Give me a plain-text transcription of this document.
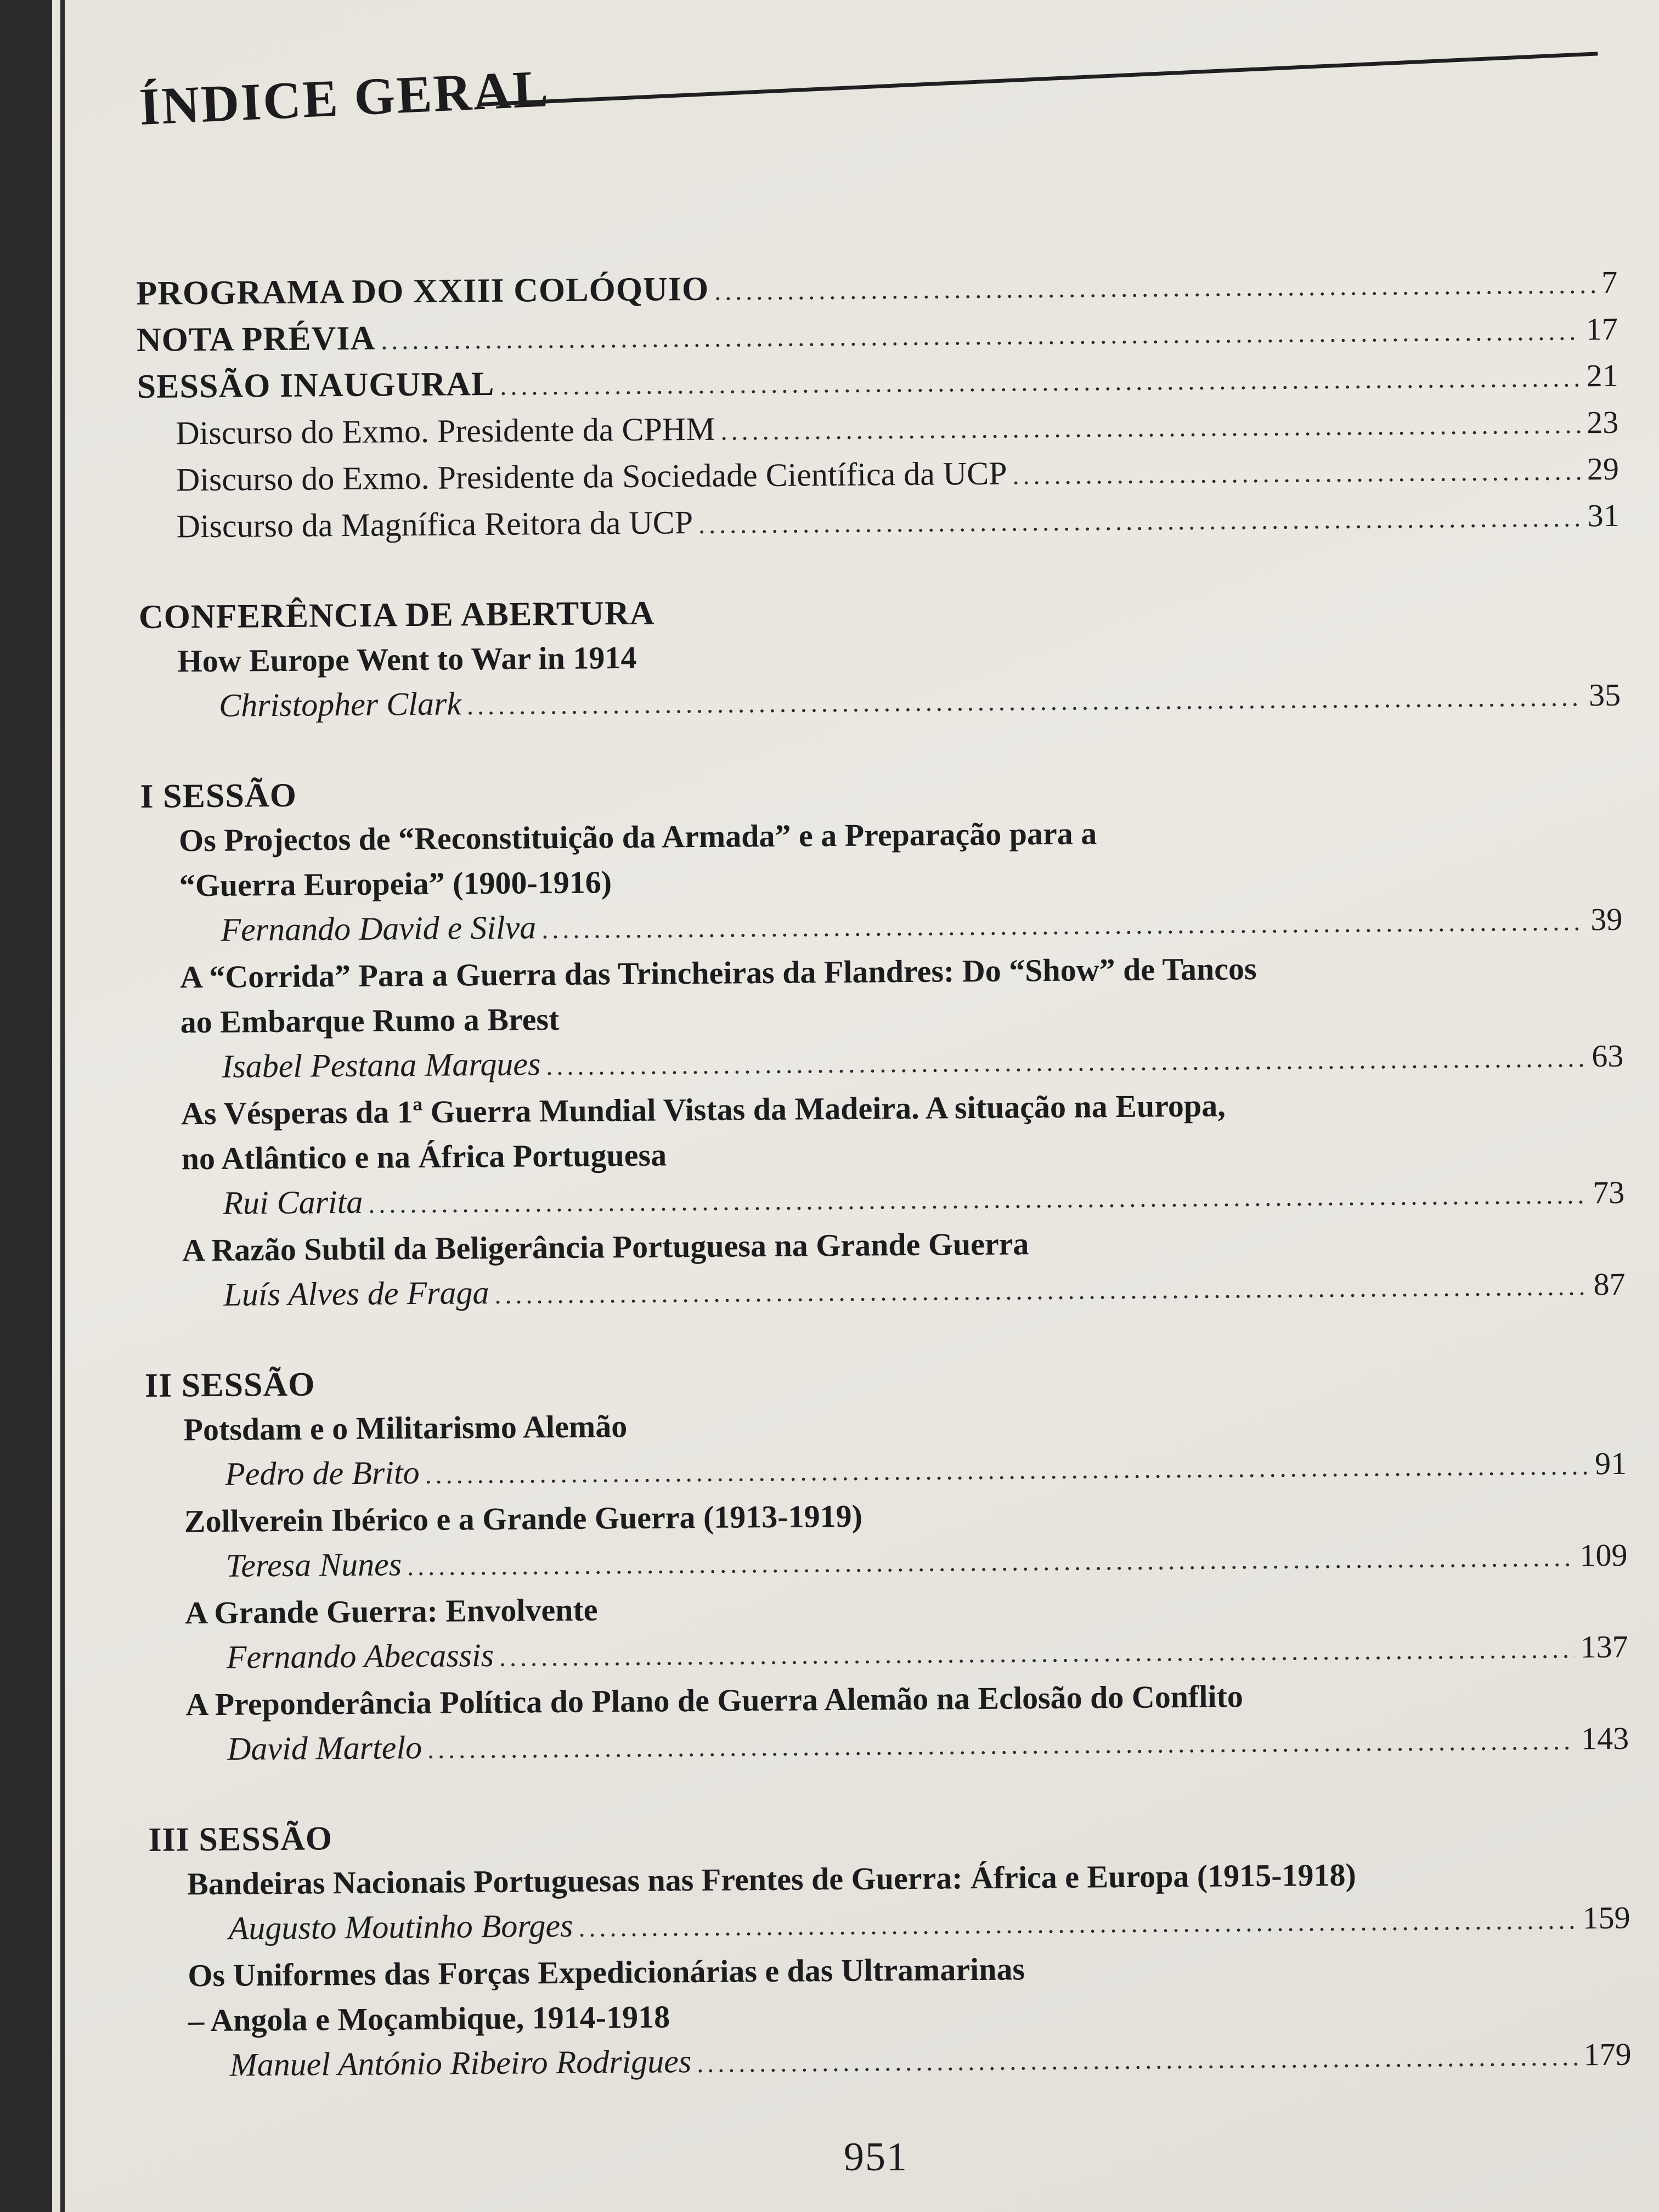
ÍNDICE GERAL
PROGRAMA DO XXIII COLÓQUIO .....	7
NOTA PRÉVIA .....	17
SESSÃO INAUGURAL .....	21
Discurso do Exmo. Presidente da CPHM .....	23
Discurso do Exmo. Presidente da Sociedade Científica da UCP .....	29
Discurso da Magnífica Reitora da UCP .....	31
CONFERÊNCIA DE ABERTURA
How Europe Went to War in 1914
Christopher Clark .....	35
I SESSÃO
Os Projectos de “Reconstituição da Armada” e a Preparação para a
“Guerra Europeia” (1900-1916)
Fernando David e Silva .....	39
A “Corrida” Para a Guerra das Trincheiras da Flandres: Do “Show” de Tancos
ao Embarque Rumo a Brest
Isabel Pestana Marques .....	63
As Vésperas da 1ª Guerra Mundial Vistas da Madeira. A situação na Europa,
no Atlântico e na África Portuguesa
Rui Carita .....	73
A Razão Subtil da Beligerância Portuguesa na Grande Guerra
Luís Alves de Fraga .....	87
II SESSÃO
Potsdam e o Militarismo Alemão
Pedro de Brito .....	91
Zollverein Ibérico e a Grande Guerra (1913-1919)
Teresa Nunes .....	109
A Grande Guerra: Envolvente
Fernando Abecassis .....	137
A Preponderância Política do Plano de Guerra Alemão na Eclosão do Conflito
David Martelo .....	143
III SESSÃO
Bandeiras Nacionais Portuguesas nas Frentes de Guerra: África e Europa (1915-1918)
Augusto Moutinho Borges .....	159
Os Uniformes das Forças Expedicionárias e das Ultramarinas
– Angola e Moçambique, 1914-1918
Manuel António Ribeiro Rodrigues .....	179
951
